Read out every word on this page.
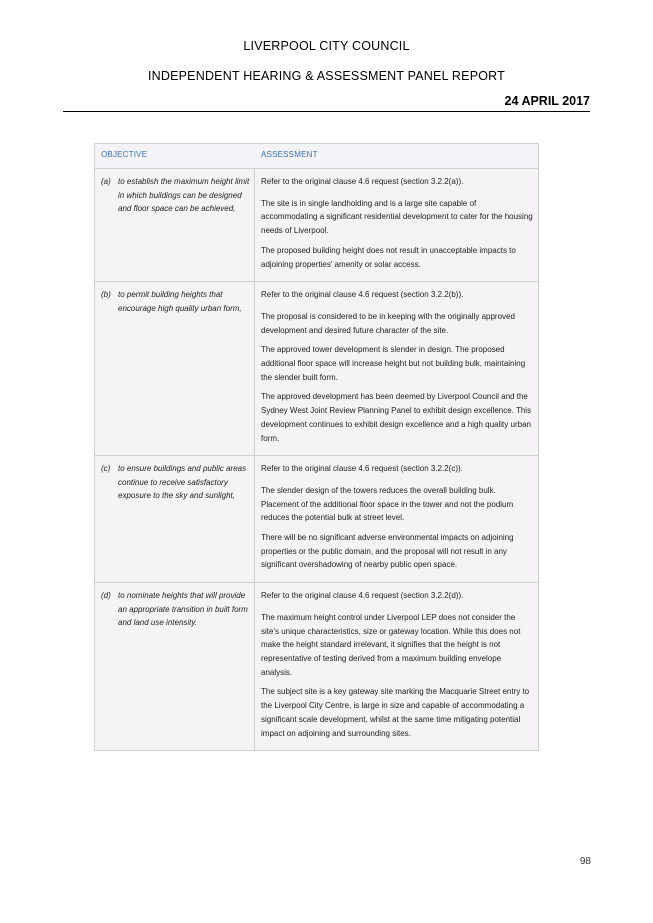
LIVERPOOL CITY COUNCIL
INDEPENDENT HEARING & ASSESSMENT PANEL REPORT
24 APRIL 2017
OBJECTIVE	ASSESSMENT
(a) to establish the maximum height limit in which buildings can be designed and floor space can be achieved,

Refer to the original clause 4.6 request (section 3.2.2(a)).

The site is in single landholding and is a large site capable of accommodating a significant residential development to cater for the housing needs of Liverpool.

The proposed building height does not result in unacceptable impacts to adjoining properties' amenity or solar access.

(b) to permit building heights that encourage high quality urban form,

Refer to the original clause 4.6 request (section 3.2.2(b)).

The proposal is considered to be in keeping with the originally approved development and desired future character of the site.

The approved tower development is slender in design. The proposed additional floor space will increase height but not building bulk, maintaining the slender built form.

The approved development has been deemed by Liverpool Council and the Sydney West Joint Review Planning Panel to exhibit design excellence. This development continues to exhibit design excellence and a high quality urban form.

(c) to ensure buildings and public areas continue to receive satisfactory exposure to the sky and sunlight,

Refer to the original clause 4.6 request (section 3.2.2(c)).

The slender design of the towers reduces the overall building bulk. Placement of the additional floor space in the tower and not the podium reduces the potential bulk at street level.

There will be no significant adverse environmental impacts on adjoining properties or the public domain, and the proposal will not result in any significant overshadowing of nearby public open space.

(d) to nominate heights that will provide an appropriate transition in built form and land use intensity.

Refer to the original clause 4.6 request (section 3.2.2(d)).

The maximum height control under Liverpool LEP does not consider the site's unique characteristics, size or gateway location. While this does not make the height standard irrelevant, it signifies that the height is not representative of testing derived from a maximum building envelope analysis.

The subject site is a key gateway site marking the Macquarie Street entry to the Liverpool City Centre, is large in size and capable of accommodating a significant scale development, whilst at the same time mitigating potential impact on adjoining and surrounding sites.

98
